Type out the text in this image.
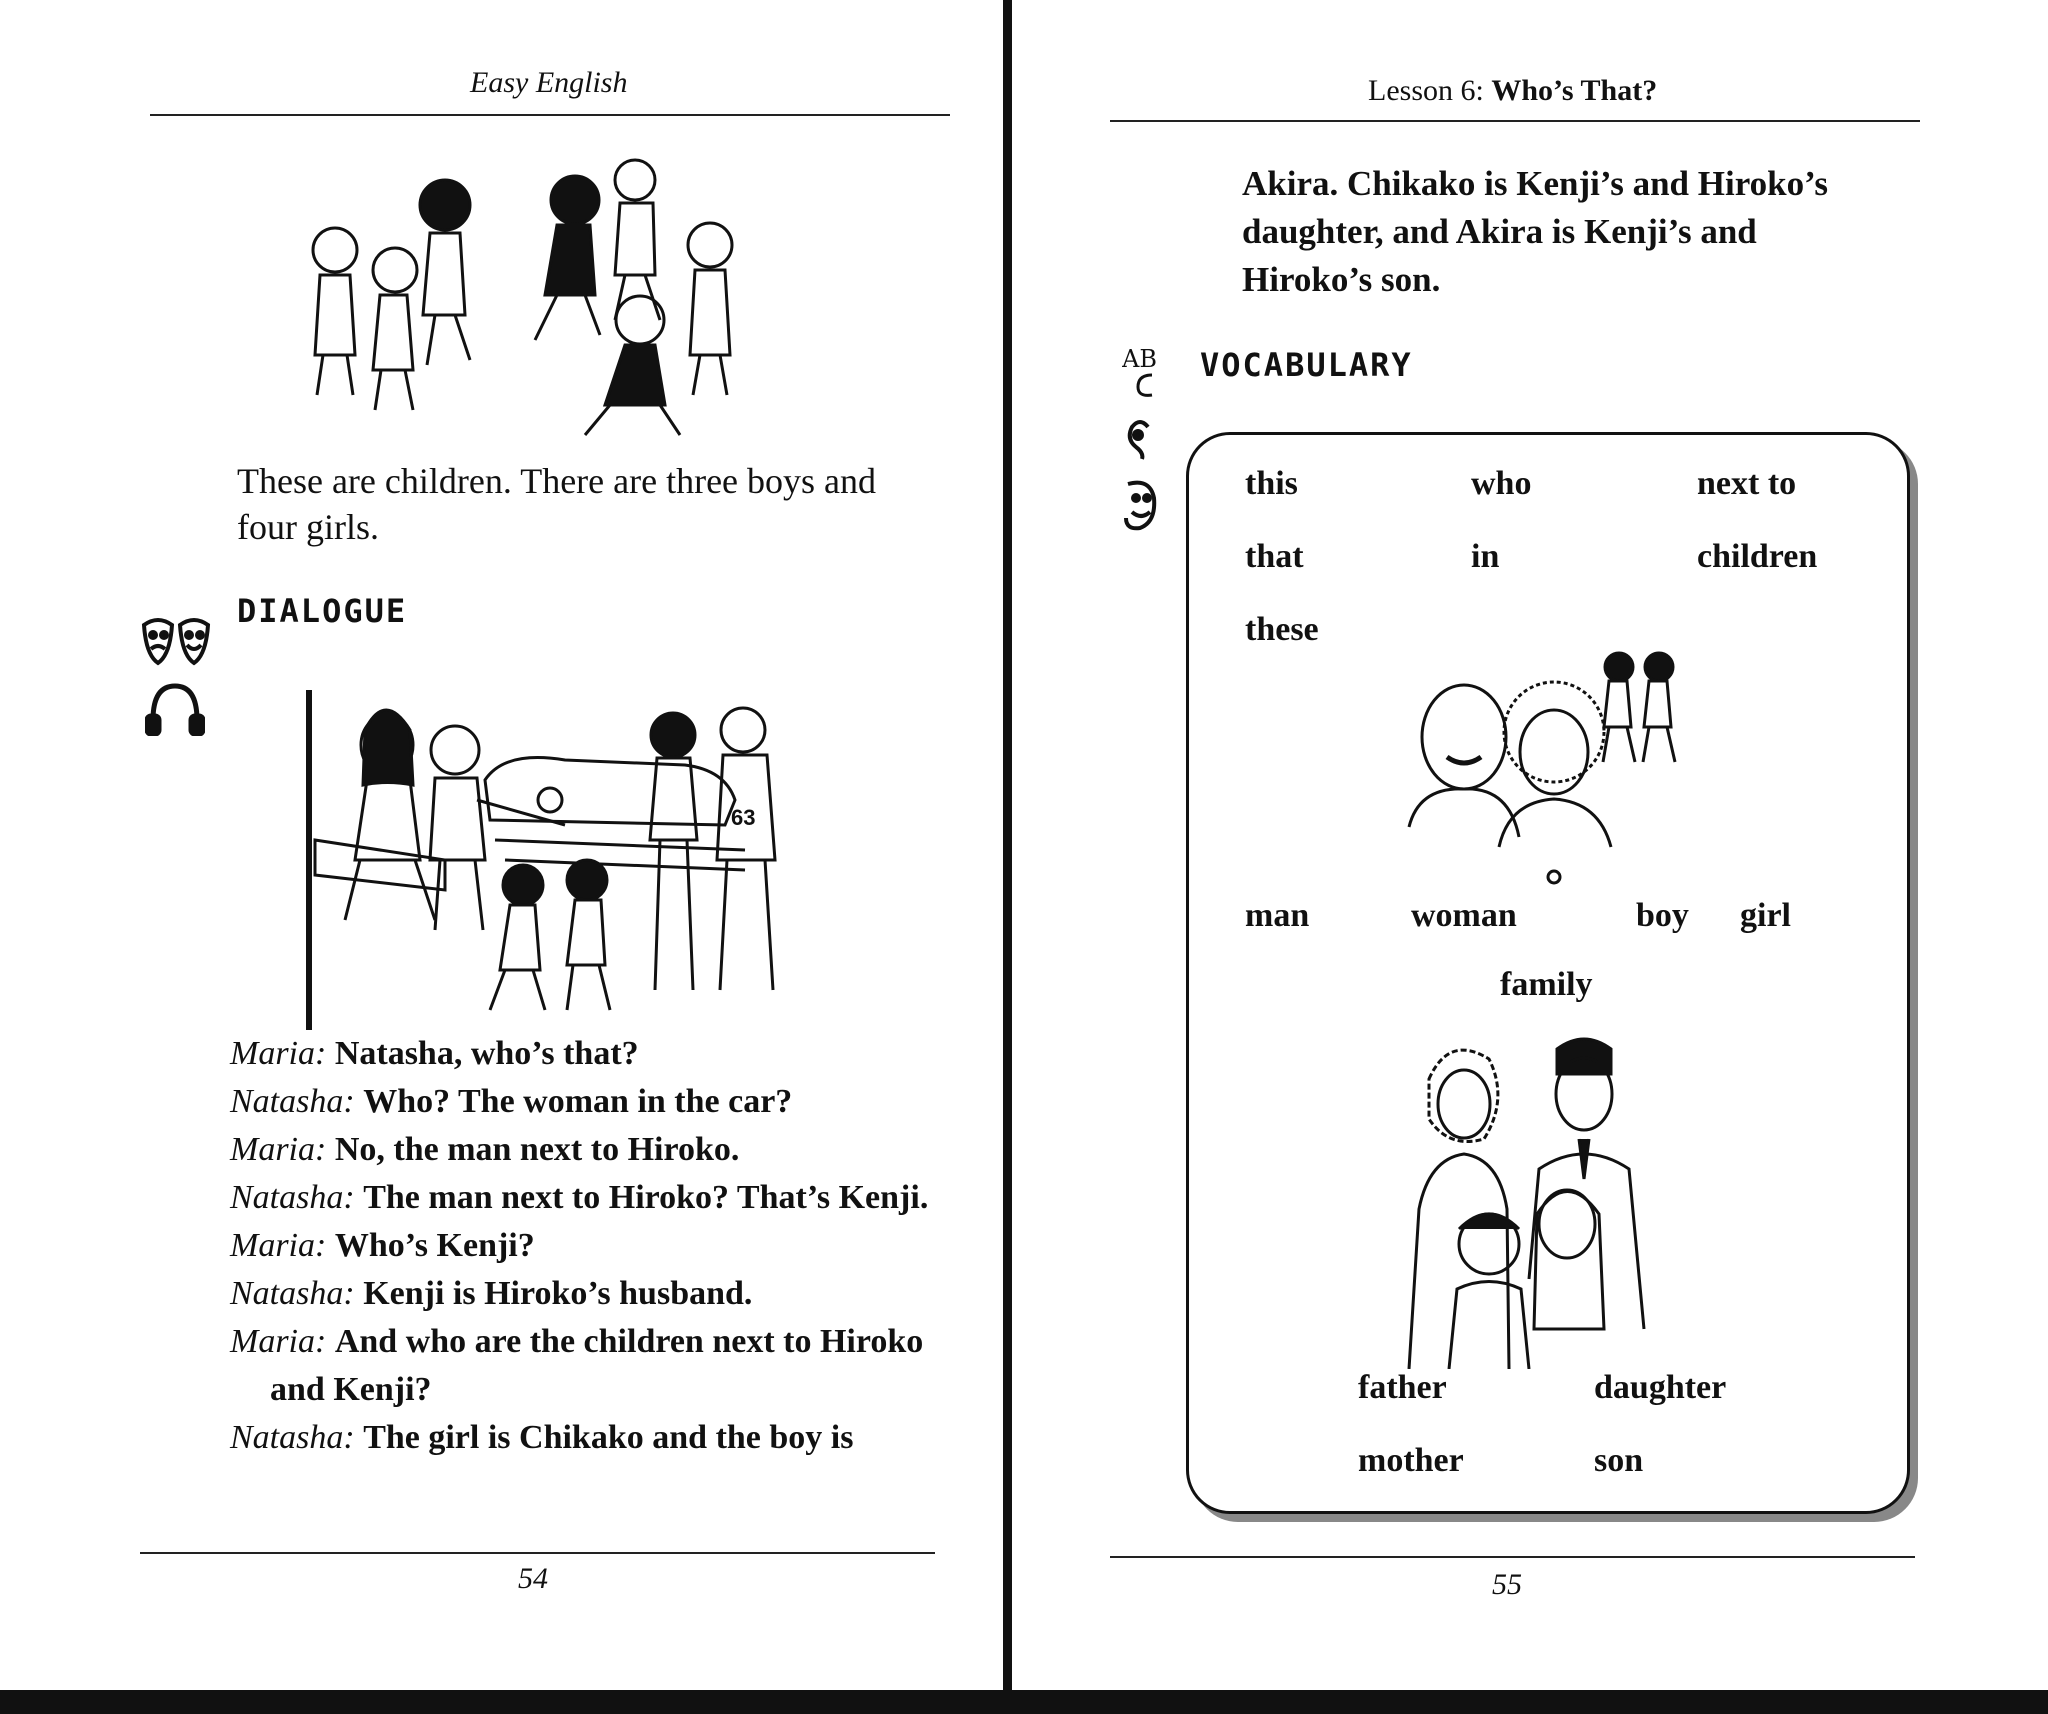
Easy English
These are children. There are three boys and four girls.
DIALOGUE
63
Maria: Natasha, who’s that?
Natasha: Who? The woman in the car?
Maria: No, the man next to Hiroko.
Natasha: The man next to Hiroko? That’s Kenji.
Maria: Who’s Kenji?
Natasha: Kenji is Hiroko’s husband.
Maria: And who are the children next to Hiroko and Kenji?
Natasha: The girl is Chikako and the boy is
54
Lesson 6: Who’s That?
Akira. Chikako is Kenji’s and Hiroko’s daughter, and Akira is Kenji’s and Hiroko’s son.
AB VOCABULARY
55
this	who	next to
that	in	children
these
man	woman	boy girl
family
father	daughter
mother	son
